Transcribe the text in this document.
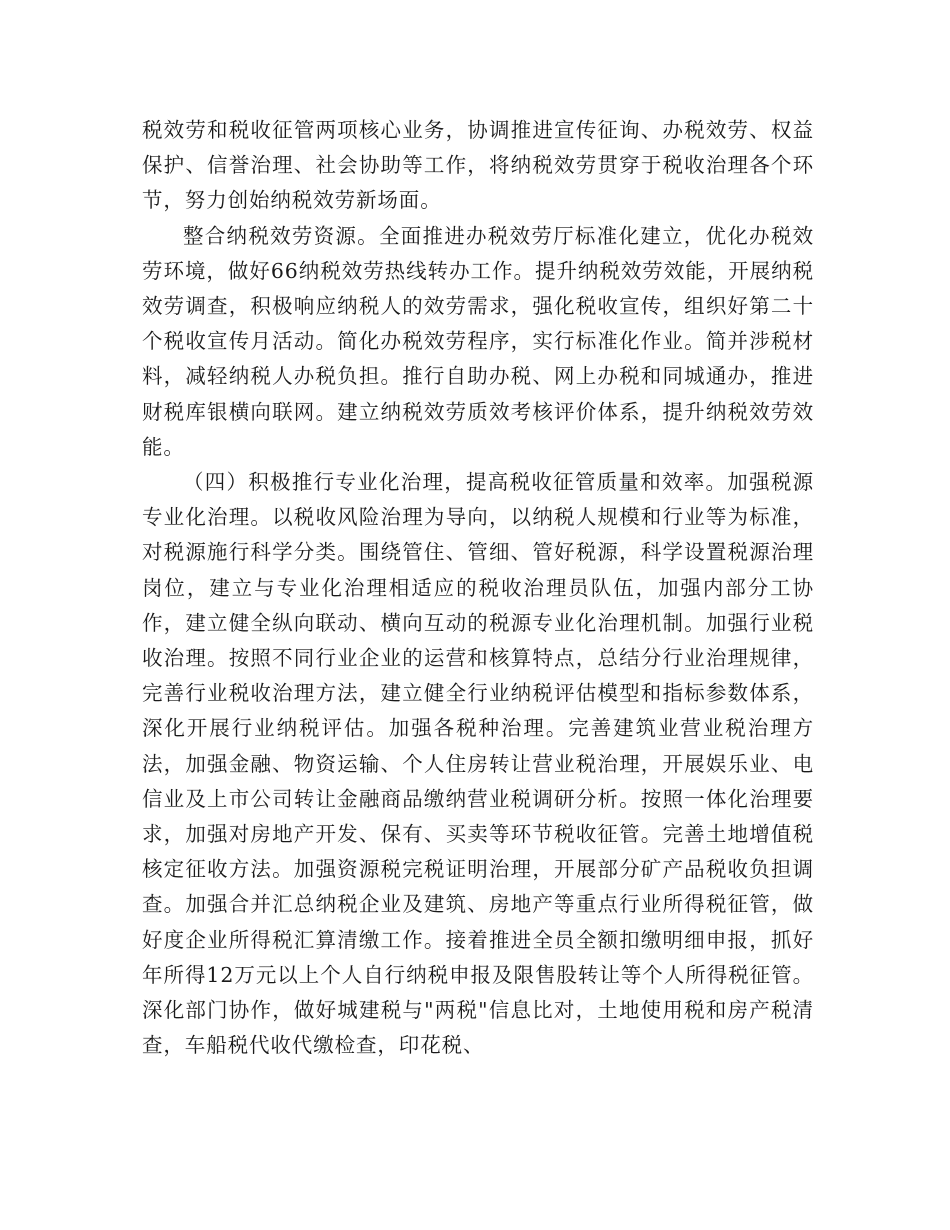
税效劳和税收征管两项核心业务，协调推进宣传征询、办税效劳、权益保护、信誉治理、社会协助等工作，将纳税效劳贯穿于税收治理各个环节，努力创始纳税效劳新场面。

整合纳税效劳资源。全面推进办税效劳厅标准化建立，优化办税效劳环境，做好66纳税效劳热线转办工作。提升纳税效劳效能，开展纳税效劳调查，积极响应纳税人的效劳需求，强化税收宣传，组织好第二十个税收宣传月活动。简化办税效劳程序，实行标准化作业。简并涉税材料，减轻纳税人办税负担。推行自助办税、网上办税和同城通办，推进财税库银横向联网。建立纳税效劳质效考核评价体系，提升纳税效劳效能。

（四）积极推行专业化治理，提高税收征管质量和效率。加强税源专业化治理。以税收风险治理为导向，以纳税人规模和行业等为标准，对税源施行科学分类。围绕管住、管细、管好税源，科学设置税源治理岗位，建立与专业化治理相适应的税收治理员队伍，加强内部分工协作，建立健全纵向联动、横向互动的税源专业化治理机制。加强行业税收治理。按照不同行业企业的运营和核算特点，总结分行业治理规律，完善行业税收治理方法，建立健全行业纳税评估模型和指标参数体系，深化开展行业纳税评估。加强各税种治理。完善建筑业营业税治理方法，加强金融、物资运输、个人住房转让营业税治理，开展娱乐业、电信业及上市公司转让金融商品缴纳营业税调研分析。按照一体化治理要求，加强对房地产开发、保有、买卖等环节税收征管。完善土地增值税核定征收方法。加强资源税完税证明治理，开展部分矿产品税收负担调查。加强合并汇总纳税企业及建筑、房地产等重点行业所得税征管，做好度企业所得税汇算清缴工作。接着推进全员全额扣缴明细申报，抓好年所得12万元以上个人自行纳税申报及限售股转让等个人所得税征管。深化部门协作，做好城建税与"两税"信息比对，土地使用税和房产税清查，车船税代收代缴检查，印花税、
